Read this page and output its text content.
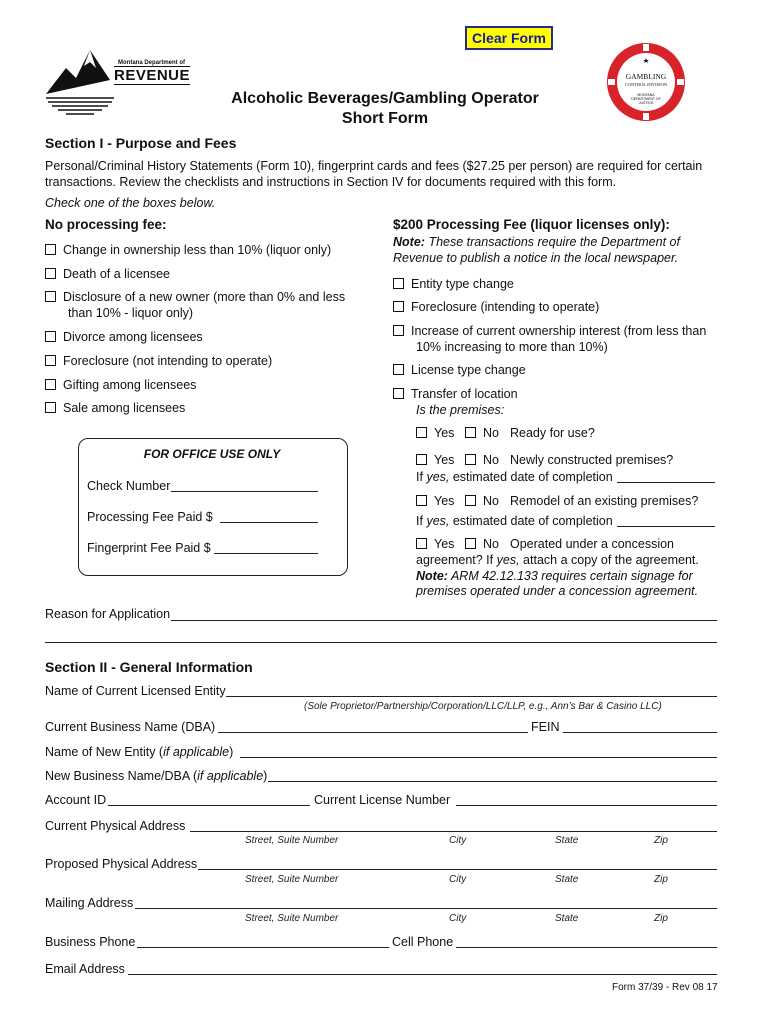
Clear Form
Montana Department of
REVENUE
Alcoholic Beverages/Gambling Operator
Short Form
GAMBLING
CONTROL DIVISION
MONTANA DEPARTMENT OF JUSTICE
Section I - Purpose and Fees
Personal/Criminal History Statements (Form 10), fingerprint cards and fees ($27.25 per person) are required for certain
transactions. Review the checklists and instructions in Section IV for documents required with this form.
Check one of the boxes below.
No processing fee:
Change in ownership less than 10% (liquor only)
Death of a licensee
Disclosure of a new owner (more than 0% and less
than 10% - liquor only)
Divorce among licensees
Foreclosure (not intending to operate)
Gifting among licensees
Sale among licensees
FOR OFFICE USE ONLY
Check Number
Processing Fee Paid $
Fingerprint Fee Paid $
$200 Processing Fee (liquor licenses only):
Note: These transactions require the Department of
Revenue to publish a notice in the local newspaper.
Entity type change
Foreclosure (intending to operate)
Increase of current ownership interest (from less than
10% increasing to more than 10%)
License type change
Transfer of location
Is the premises:
Yes	No Ready for use?
Yes	No Newly constructed premises?
If yes, estimated date of completion
Yes	No Remodel of an existing premises?
If yes, estimated date of completion
Yes	No Operated under a concession
agreement? If yes, attach a copy of the agreement.
Note: ARM 42.12.133 requires certain signage for
premises operated under a concession agreement.
Reason for Application
Section II - General Information
Name of Current Licensed Entity
(Sole Proprietor/Partnership/Corporation/LLC/LLP, e.g., Ann’s Bar & Casino LLC)
Current Business Name (DBA)	FEIN
Name of New Entity (if applicable)
New Business Name/DBA (if applicable)
Account ID	Current License Number
Current Physical Address
Street, Suite Number	City	State	Zip
Proposed Physical Address
Street, Suite Number	City	State	Zip
Mailing Address
Street, Suite Number	City	State	Zip
Business Phone	Cell Phone
Email Address
Form 37/39 - Rev 08 17
